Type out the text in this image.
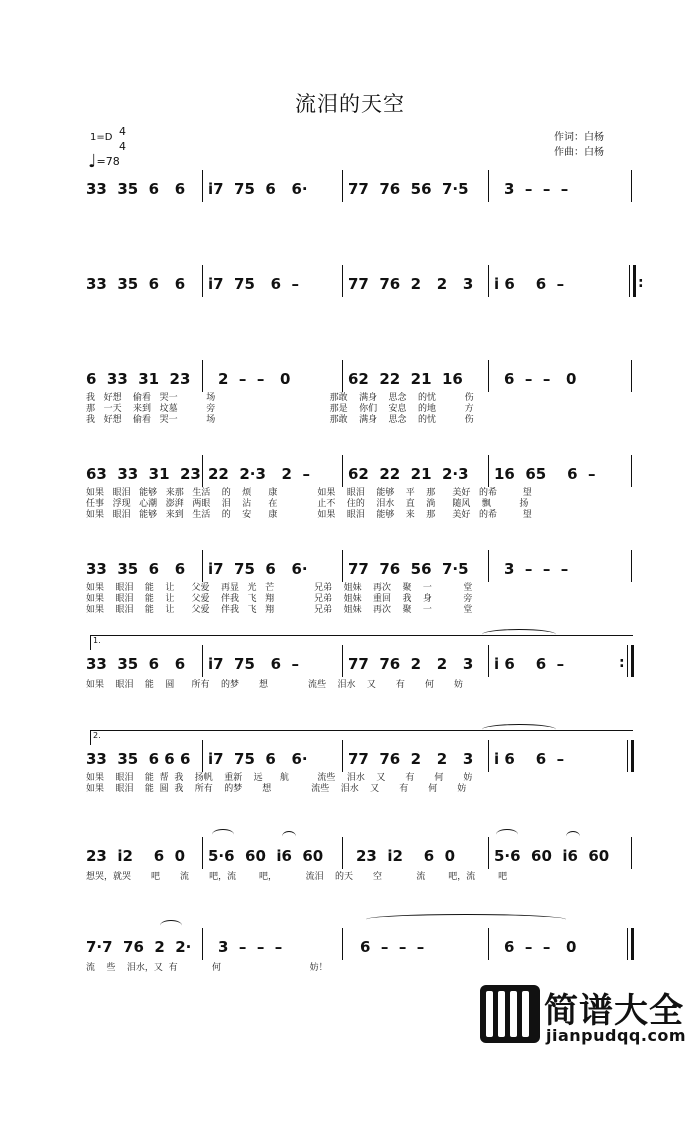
流泪的天空
1=D 4
4
♩=78
作词：白杨
作曲：白杨

33  35  6   6

i7  75  6   6·

	77  76  56  7·5

3  –  –  –

33  35  6   6

i7  75   6  –

	77  76  2   2   3

i 6    6  –

	:

6  33  31  23

2  –  –   0

	62  22  21  16

	6  –  –   0

我   好想    偷看   哭一          场                                        那敢    满身    思念    的忧          伤
那   一天    来到   坟墓          旁                                        那是    你们    安息    的地          方
我   好想    偷看   哭一          场                                        那敢    满身    思念    的忧          伤

63  33  31  23

22  2·3   2  –

	62  22  21  2·3

16  65    6  –

如果   眼泪   能够   来那   生活    的    烦      康              如果    眼泪    能够    平    那      美好   的希         望
任事   浮现   心潮   澎湃   两眼    泪    沾      在              止不    住的    泪水    直    淌      随风    飘          扬
如果   眼泪   能够   来到   生活    的    安      康              如果    眼泪    能够    来    那      美好   的希         望

33  35  6   6

i7  75  6   6·

	77  76  56  7·5

3  –  –  –

如果    眼泪    能    让      父爱    再显   光   芒              兄弟    姐妹    再次    聚    一           堂
如果    眼泪    能    让      父爱    伴我   飞   翔              兄弟    姐妹    重回    我    身           旁
如果    眼泪    能    让      父爱    伴我   飞   翔              兄弟    姐妹    再次    聚    一           堂
1.

33  35  6   6

i7  75   6  –

	77  76  2   2   3

i 6    6  –

	:

如果    眼泪    能    圆      所有    的梦       想              流些    泪水    又       有       何       妨
2.

33  35  6 6 6

i7  75  6   6·

	77  76  2   2   3

i 6    6  –

如果    眼泪    能  帮  我    扬帆    重新    远      航          流些    泪水    又       有       何       妨
如果    眼泪    能  圆  我    所有    的梦       想              流些    泪水    又       有       何       妨

23  i2    6  0

5·6  60  i6  60

23  i2    6  0

	5·6  60  i6  60

想哭，就哭       吧       流       吧，流        吧，          流泪    的天       空            流        吧，流        吧

7·7  76  2  2·

3  –  –  –

	6  –  –  –

	6  –  –   0

流    些    泪水，又  有            何                               妨！
简谱大全
jianpudqq.com
